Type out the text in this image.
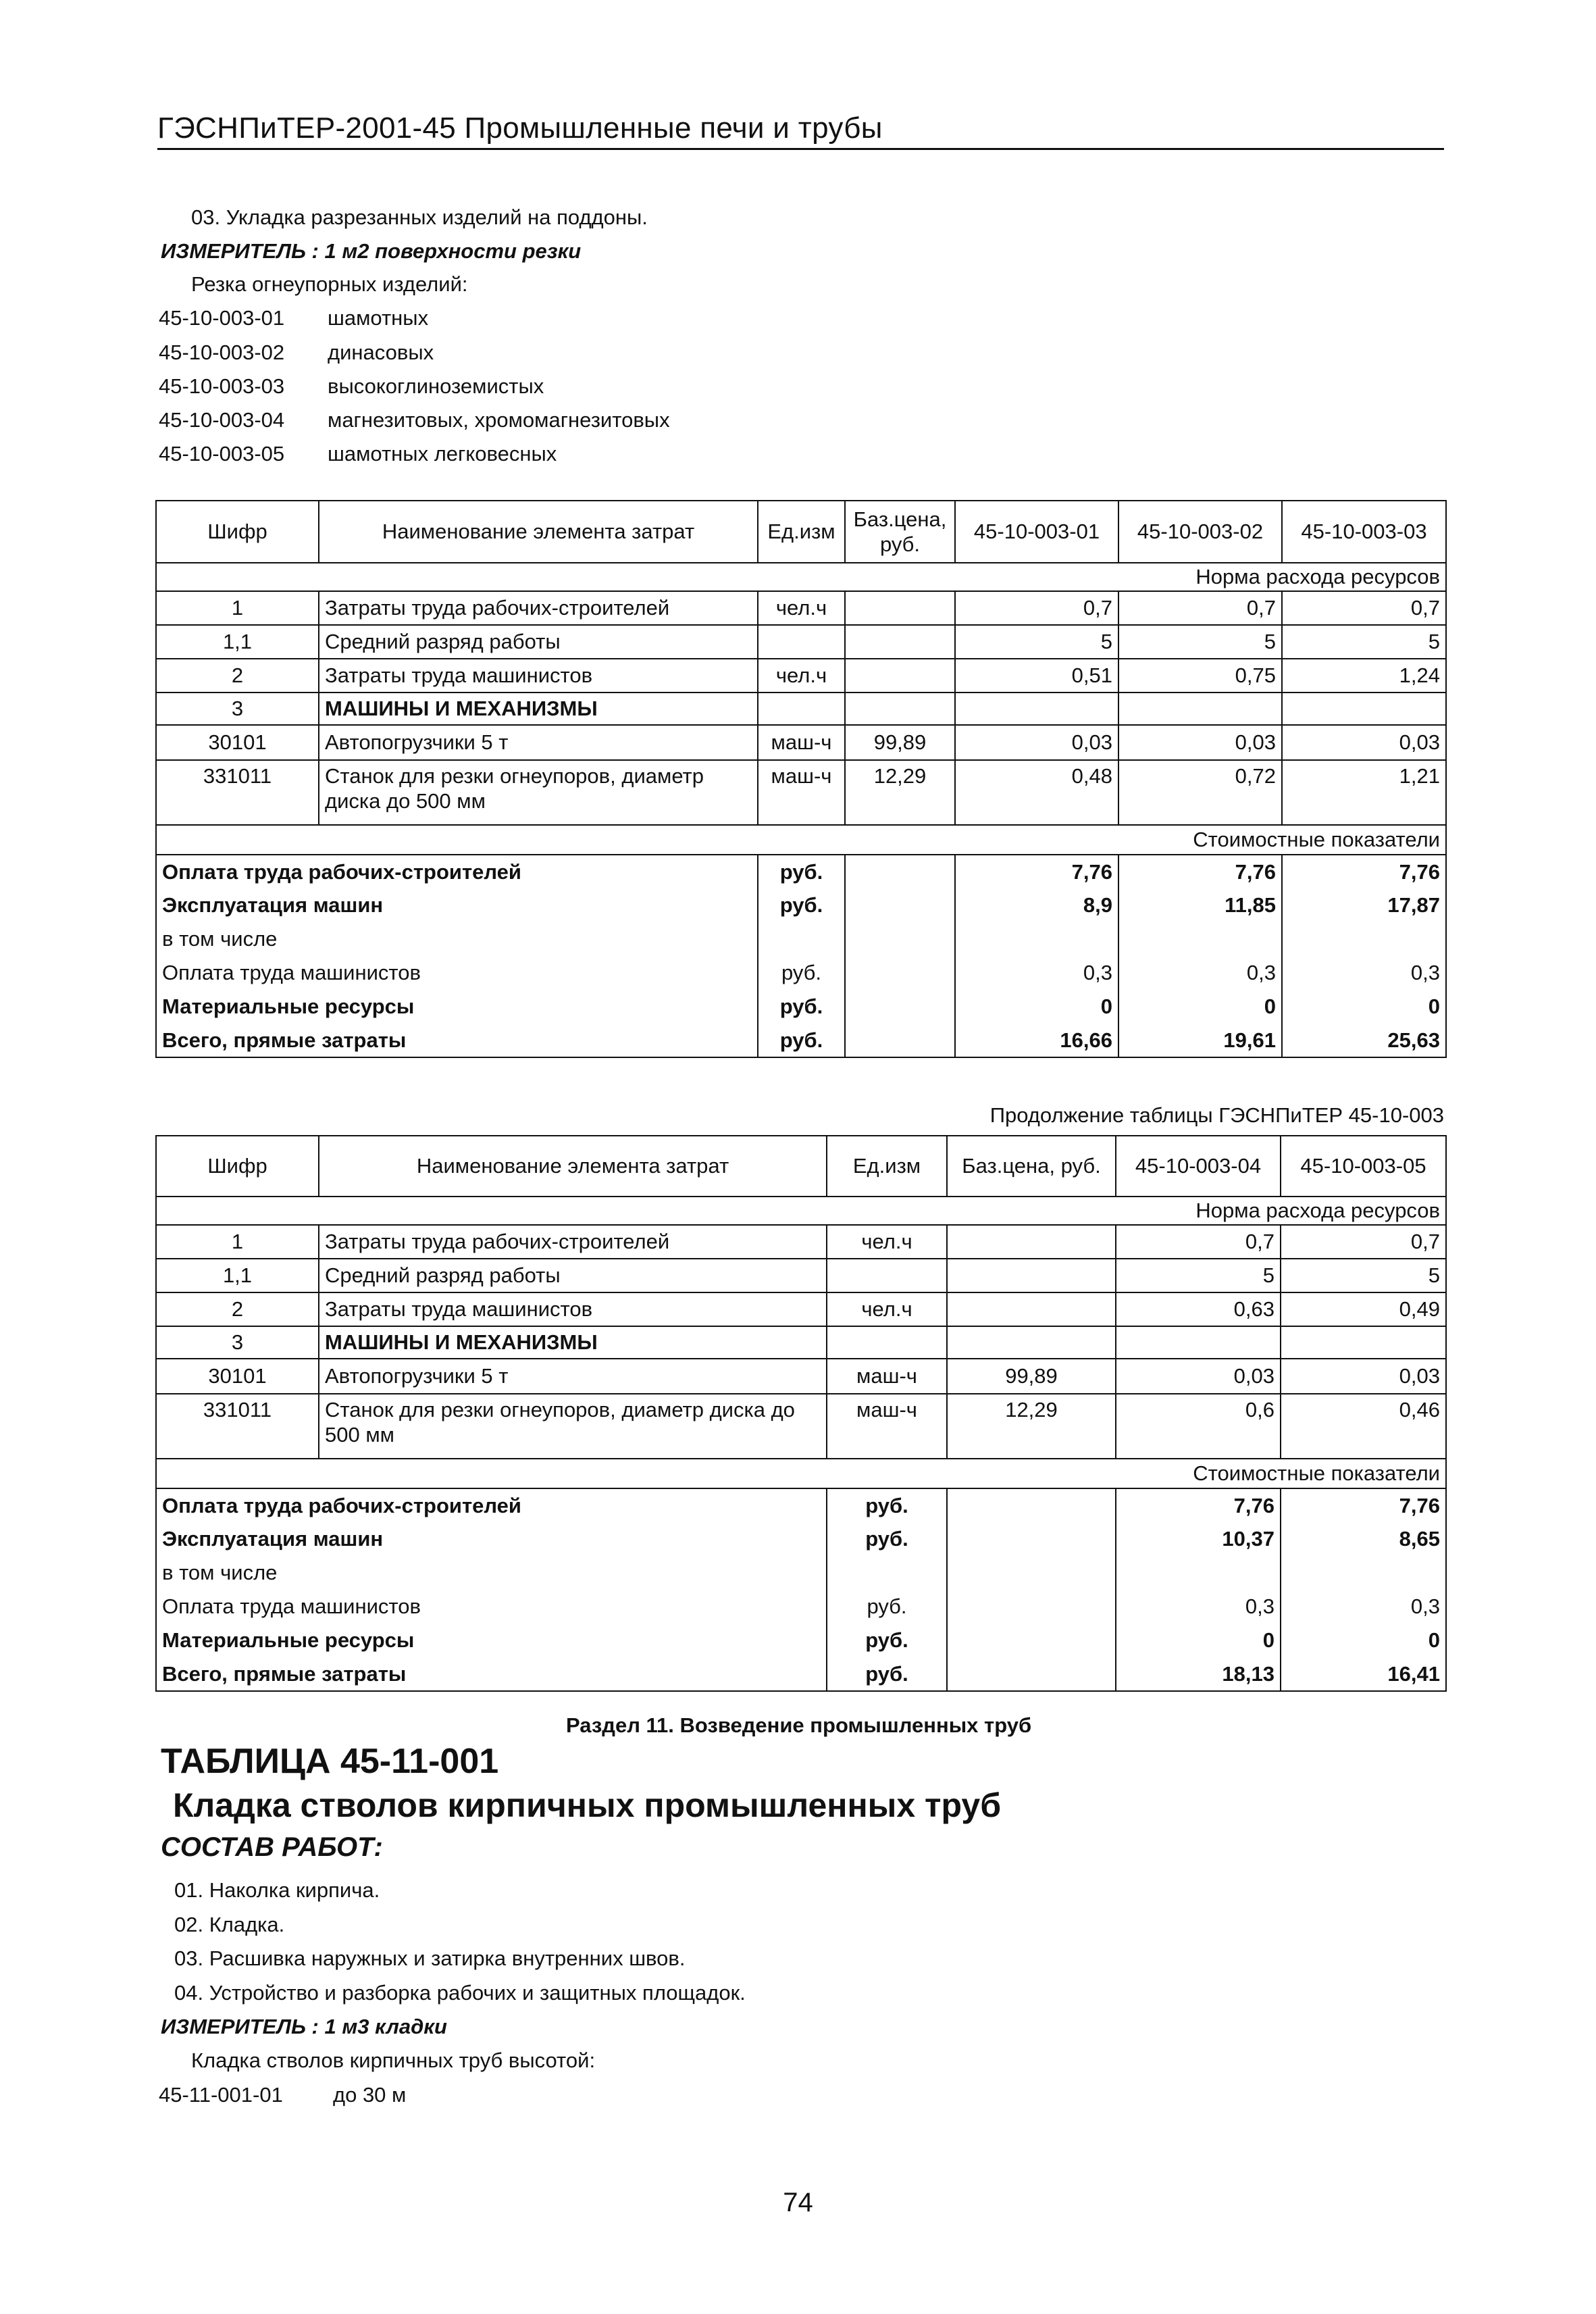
ГЭСНПиТЕР-2001-45 Промышленные печи и трубы
03. Укладка разрезанных изделий на поддоны.
ИЗМЕРИТЕЛЬ : 1 м2 поверхности резки
Резка огнеупорных изделий:
45-10-003-01 шамотных
45-10-003-02 динасовых
45-10-003-03 высокоглиноземистых
45-10-003-04 магнезитовых, хромомагнезитовых
45-10-003-05 шамотных легковесных
Шифр	Наименование элемента затрат	Ед.изм	Баз.цена, руб.	45-10-003-01	45-10-003-02	45-10-003-03
Норма расхода ресурсов						
1	Затраты труда рабочих-строителей	чел.ч		0,7	0,7	0,7
1,1	Средний разряд работы			5	5	5
2	Затраты труда машинистов	чел.ч		0,51	0,75	1,24
3	МАШИНЫ И МЕХАНИЗМЫ					
30101	Автопогрузчики 5 т	маш-ч	99,89	0,03	0,03	0,03
331011	Станок для резки огнеупоров, диаметр диска до 500 мм	маш-ч	12,29	0,48	0,72	1,21
Стоимостные показатели						
Оплата труда рабочих-строителей		руб.		7,76	7,76	7,76
Эксплуатация машин		руб.		8,9	11,85	17,87
в том числе						
Оплата труда машинистов		руб.		0,3	0,3	0,3
Материальные ресурсы		руб.		0	0	0
Всего, прямые затраты		руб.		16,66	19,61	25,63
Продолжение таблицы ГЭСНПиТЕР 45-10-003
Шифр	Наименование элемента затрат	Ед.изм	Баз.цена, руб.	45-10-003-04	45-10-003-05
Норма расхода ресурсов					
1	Затраты труда рабочих-строителей	чел.ч		0,7	0,7
1,1	Средний разряд работы			5	5
2	Затраты труда машинистов	чел.ч		0,63	0,49
3	МАШИНЫ И МЕХАНИЗМЫ				
30101	Автопогрузчики 5 т	маш-ч	99,89	0,03	0,03
331011	Станок для резки огнеупоров, диаметр диска до 500 мм	маш-ч	12,29	0,6	0,46
Стоимостные показатели					
Оплата труда рабочих-строителей		руб.		7,76	7,76
Эксплуатация машин		руб.		10,37	8,65
в том числе					
Оплата труда машинистов		руб.		0,3	0,3
Материальные ресурсы		руб.		0	0
Всего, прямые затраты		руб.		18,13	16,41
Раздел 11. Возведение промышленных труб
ТАБЛИЦА 45-11-001
Кладка стволов кирпичных промышленных труб
СОСТАВ РАБОТ:
01. Наколка кирпича.
02. Кладка.
03. Расшивка наружных и затирка внутренних швов.
04. Устройство и разборка рабочих и защитных площадок.
ИЗМЕРИТЕЛЬ : 1 м3 кладки
Кладка стволов кирпичных труб высотой:
45-11-001-01 до 30 м
74
